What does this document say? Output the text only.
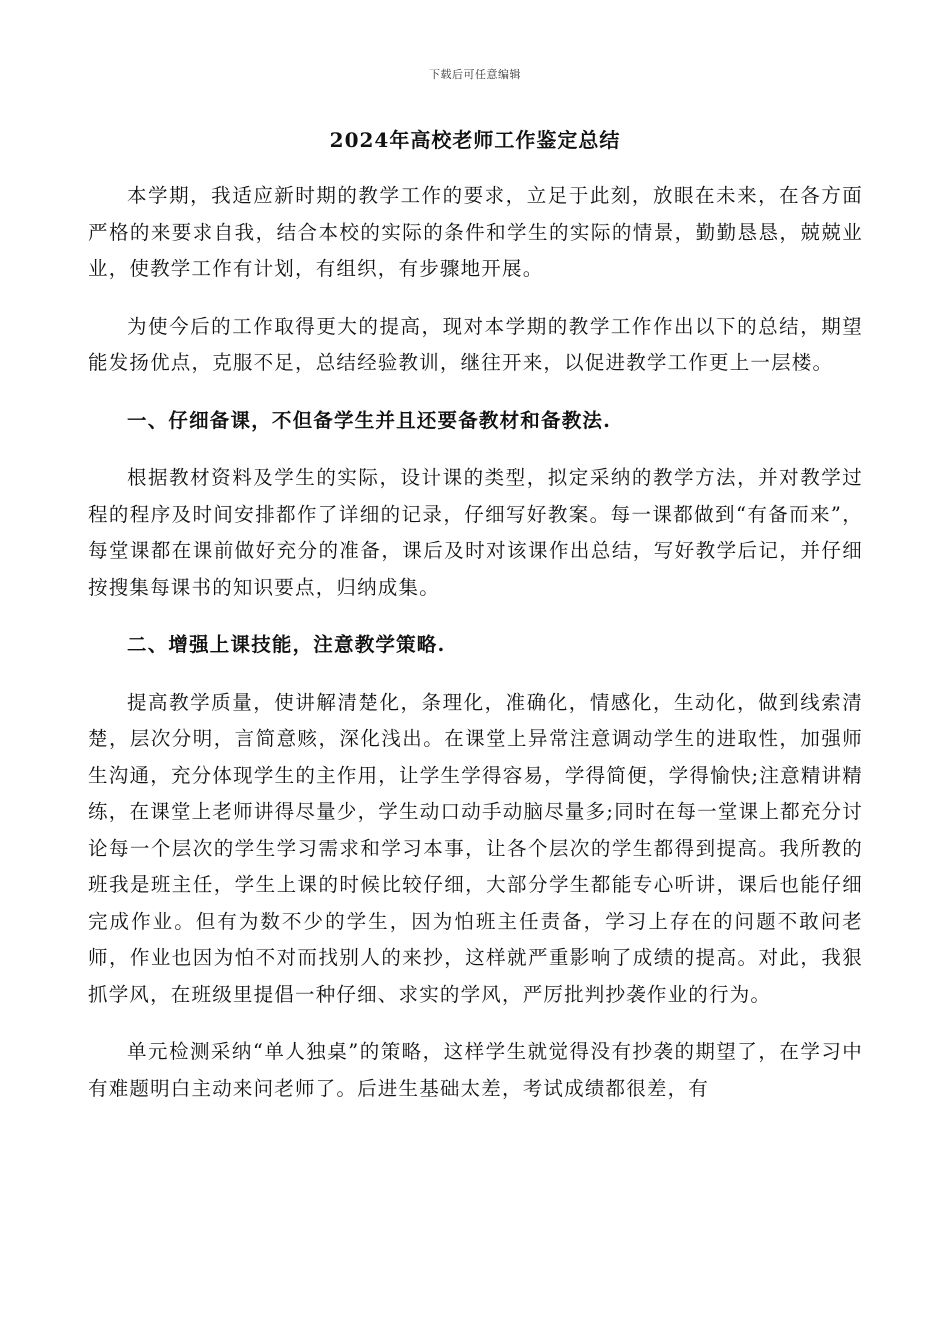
下载后可任意编辑
2024年高校老师工作鉴定总结

本学期，我适应新时期的教学工作的要求，立足于此刻，放眼在未来，在各方面严格的来要求自我，结合本校的实际的条件和学生的实际的情景，勤勤恳恳，兢兢业业，使教学工作有计划，有组织，有步骤地开展。

为使今后的工作取得更大的提高，现对本学期的教学工作作出以下的总结，期望能发扬优点，克服不足，总结经验教训，继往开来，以促进教学工作更上一层楼。

一、仔细备课，不但备学生并且还要备教材和备教法.

根据教材资料及学生的实际，设计课的类型，拟定采纳的教学方法，并对教学过程的程序及时间安排都作了详细的记录，仔细写好教案。每一课都做到“有备而来”，每堂课都在课前做好充分的准备，课后及时对该课作出总结，写好教学后记，并仔细按搜集每课书的知识要点，归纳成集。

二、增强上课技能，注意教学策略.

提高教学质量，使讲解清楚化，条理化，准确化，情感化，生动化，做到线索清楚，层次分明，言简意赅，深化浅出。在课堂上异常注意调动学生的进取性，加强师生沟通，充分体现学生的主作用，让学生学得容易，学得简便，学得愉快;注意精讲精练，在课堂上老师讲得尽量少，学生动口动手动脑尽量多;同时在每一堂课上都充分讨论每一个层次的学生学习需求和学习本事，让各个层次的学生都得到提高。我所教的班我是班主任，学生上课的时候比较仔细，大部分学生都能专心听讲，课后也能仔细完成作业。但有为数不少的学生，因为怕班主任责备，学习上存在的问题不敢问老师，作业也因为怕不对而找别人的来抄，这样就严重影响了成绩的提高。对此，我狠抓学风，在班级里提倡一种仔细、求实的学风，严厉批判抄袭作业的行为。

单元检测采纳“单人独桌”的策略，这样学生就觉得没有抄袭的期望了，在学习中有难题明白主动来问老师了。后进生基础太差，考试成绩都很差，有
